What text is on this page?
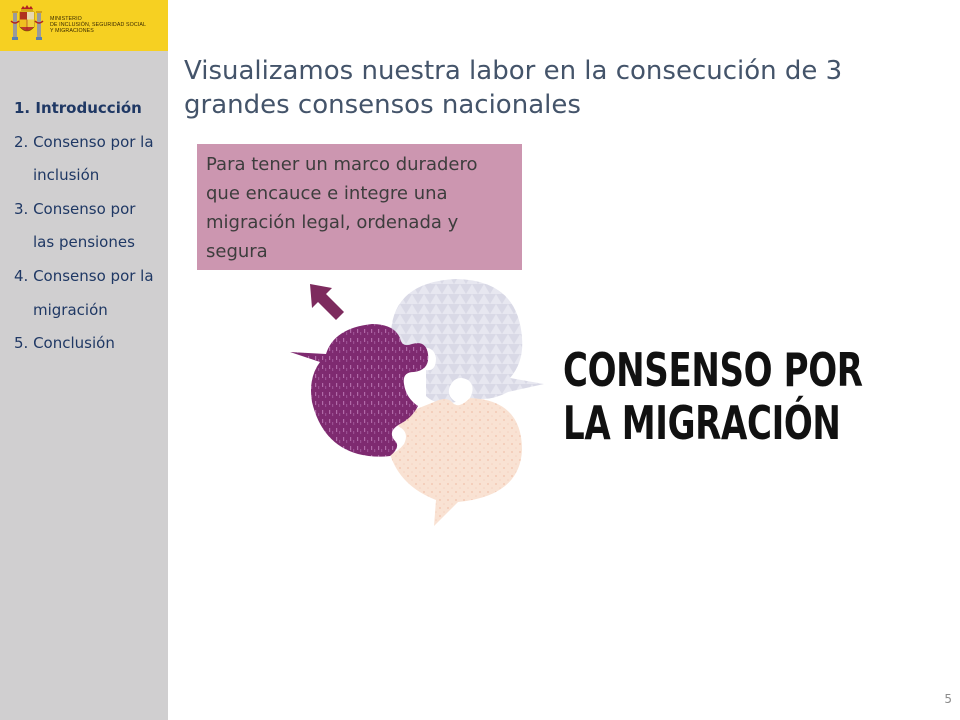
MINISTERIO
DE INCLUSIÓN, SEGURIDAD SOCIAL
Y MIGRACIONES
1. Introducción
2. Consenso por la
inclusión
3. Consenso por
las pensiones
4. Consenso por la
migración
5. Conclusión
Visualizamos nuestra labor en la consecución de 3 grandes consensos nacionales
Para tener un marco duradero que encauce e integre una migración legal, ordenada y segura
CONSENSO POR
LA MIGRACIÓN
5
